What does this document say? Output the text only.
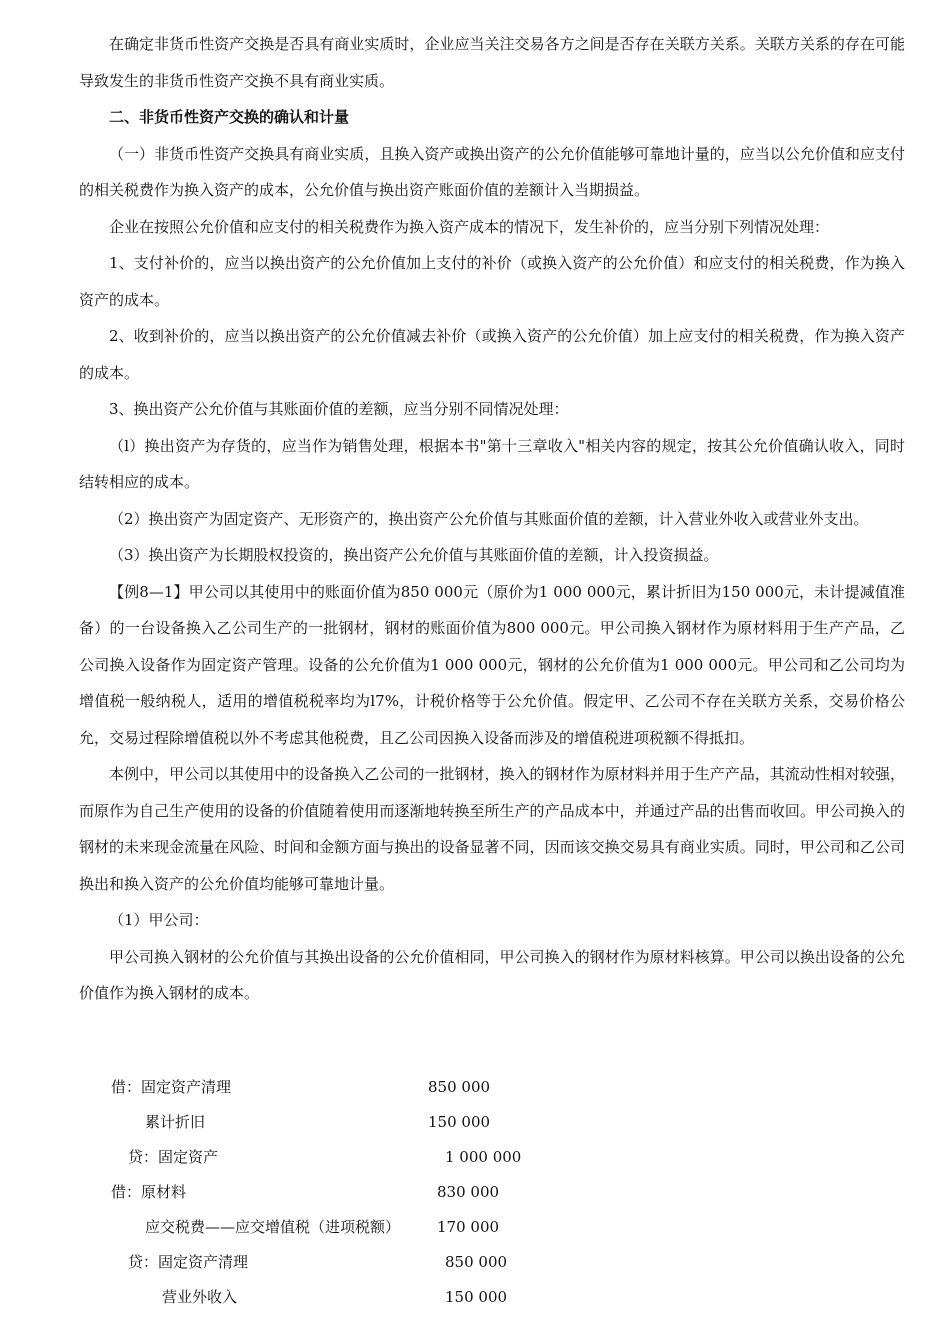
在确定非货币性资产交换是否具有商业实质时，企业应当关注交易各方之间是否存在关联方关系。关联方关系的存在可能导致发生的非货币性资产交换不具有商业实质。

二、非货币性资产交换的确认和计量

（一）非货币性资产交换具有商业实质，且换入资产或换出资产的公允价值能够可靠地计量的，应当以公允价值和应支付的相关税费作为换入资产的成本，公允价值与换出资产账面价值的差额计入当期损益。

企业在按照公允价值和应支付的相关税费作为换入资产成本的情况下，发生补价的，应当分别下列情况处理：

1、支付补价的，应当以换出资产的公允价值加上支付的补价（或换入资产的公允价值）和应支付的相关税费，作为换入资产的成本。

2、收到补价的，应当以换出资产的公允价值减去补价（或换入资产的公允价值）加上应支付的相关税费，作为换入资产的成本。

3、换出资产公允价值与其账面价值的差额，应当分别不同情况处理：

（l）换出资产为存货的，应当作为销售处理，根据本书"第十三章收入"相关内容的规定，按其公允价值确认收入，同时结转相应的成本。

（2）换出资产为固定资产、无形资产的，换出资产公允价值与其账面价值的差额，计入营业外收入或营业外支出。

（3）换出资产为长期股权投资的，换出资产公允价值与其账面价值的差额，计入投资损益。

【例8—1】甲公司以其使用中的账面价值为850 000元（原价为1 000 000元，累计折旧为150 000元，未计提减值准备）的一台设备换入乙公司生产的一批钢材，钢材的账面价值为800 000元。甲公司换入钢材作为原材料用于生产产品，乙公司换入设备作为固定资产管理。设备的公允价值为1 000 000元，钢材的公允价值为1 000 000元。甲公司和乙公司均为增值税一般纳税人，适用的增值税税率均为l7%，计税价格等于公允价值。假定甲、乙公司不存在关联方关系，交易价格公允，交易过程除增值税以外不考虑其他税费，且乙公司因换入设备而涉及的增值税进项税额不得抵扣。

本例中，甲公司以其使用中的设备换入乙公司的一批钢材，换入的钢材作为原材料并用于生产产品，其流动性相对较强，而原作为自己生产使用的设备的价值随着使用而逐渐地转换至所生产的产品成本中，并通过产品的出售而收回。甲公司换入的钢材的未来现金流量在风险、时间和金额方面与换出的设备显著不同，因而该交换交易具有商业实质。同时，甲公司和乙公司换出和换入资产的公允价值均能够可靠地计量。

（1）甲公司：

甲公司换入钢材的公允价值与其换出设备的公允价值相同，甲公司换入的钢材作为原材料核算。甲公司以换出设备的公允价值作为换入钢材的成本。

借：固定资产清理	850 000
累计折旧	150 000
贷：固定资产	1 000 000
借：原材料	830 000
应交税费——应交增值税（进项税额） 170 000
贷：固定资产清理	850 000
营业外收入	150 000
